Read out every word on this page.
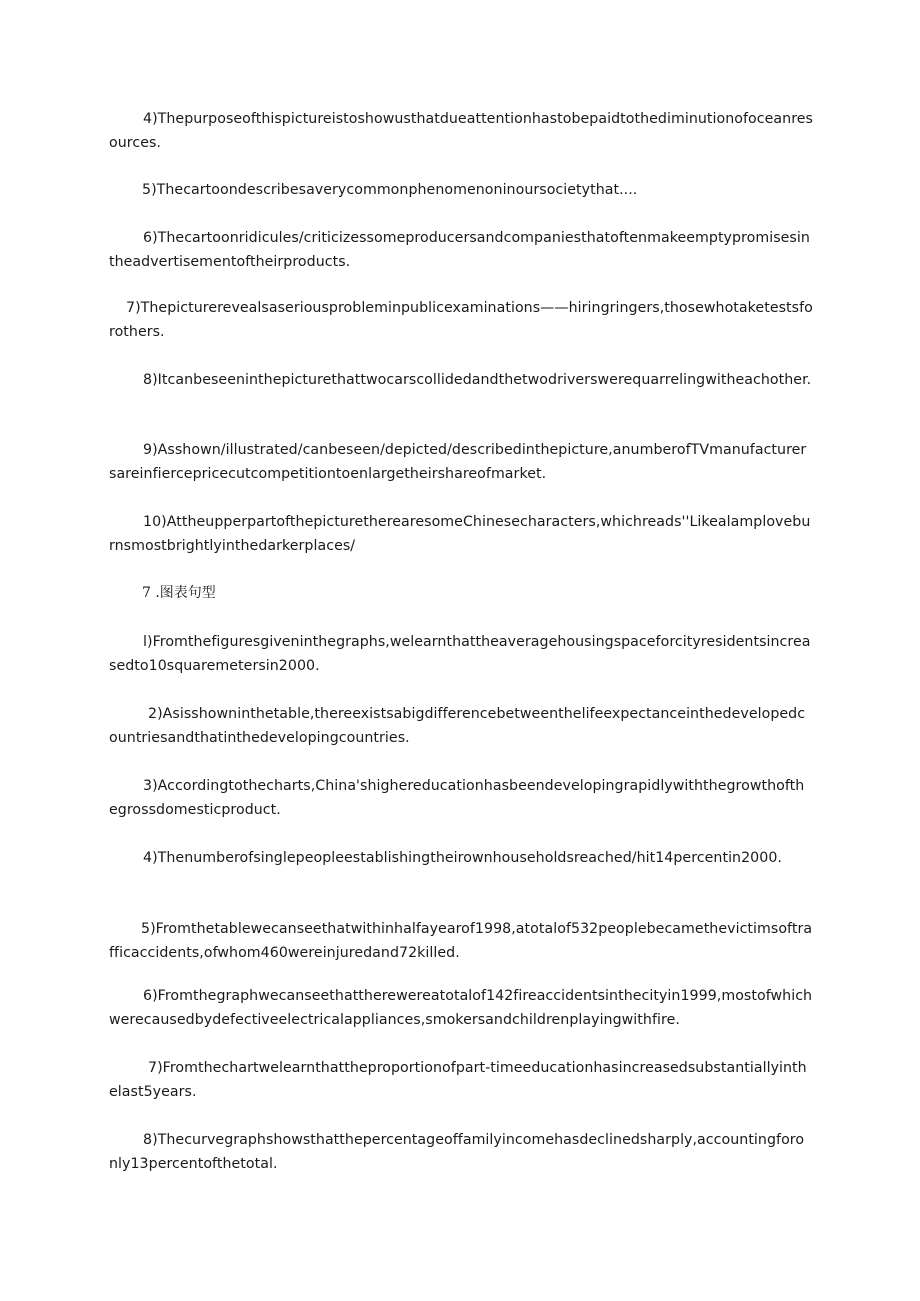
4)Thepurposeofthispictureistoshowusthatdueattentionhastobepaidtothediminutionofoceanresources.

5)Thecartoondescribesaverycommonphenomenoninoursocietythat....

6)Thecartoonridicules/criticizessomeproducersandcompaniesthatoftenmakeemptypromisesintheadvertisementoftheirproducts.

7)Thepicturerevealsaseriousprobleminpublicexaminations——hiringringers,thosewhotaketestsforothers.

8)Itcanbeseeninthepicturethattwocarscollidedandthetwodriverswerequarrelingwitheachother.

9)Asshown/illustrated/canbeseen/depicted/describedinthepicture,anumberofTVmanufacturersareinfiercepricecutcompetitiontoenlargetheirshareofmarket.

10)AttheupperpartofthepicturetherearesomeChinesecharacters,whichreads''Likealamploveburnsmostbrightlyinthedarkerplaces/

7 .图表句型

l)Fromthefiguresgiveninthegraphs,welearnthattheaveragehousingspaceforcityresidentsincreasedto10squaremetersin2000.

2)Asisshowninthetable,thereexistsabigdifferencebetweenthelifeexpectanceinthedevelopedcountriesandthatinthedevelopingcountries.

3)Accordingtothecharts,China'shighereducationhasbeendevelopingrapidlywiththegrowthofthegrossdomesticproduct.

4)Thenumberofsinglepeopleestablishingtheirownhouseholdsreached/hit14percentin2000.

5)Fromthetablewecanseethatwithinhalfayearof1998,atotalof532peoplebecamethevictimsoftrafficaccidents,ofwhom460wereinjuredand72killed.

6)Fromthegraphwecanseethattherewereatotalof142fireaccidentsinthecityin1999,mostofwhichwerecausedbydefectiveelectricalappliances,smokersandchildrenplayingwithfire.

7)Fromthechartwelearnthattheproportionofpart-timeeducationhasincreasedsubstantiallyinthelast5years.

8)Thecurvegraphshowsthatthepercentageoffamilyincomehasdeclinedsharply,accountingforonly13percentofthetotal.
